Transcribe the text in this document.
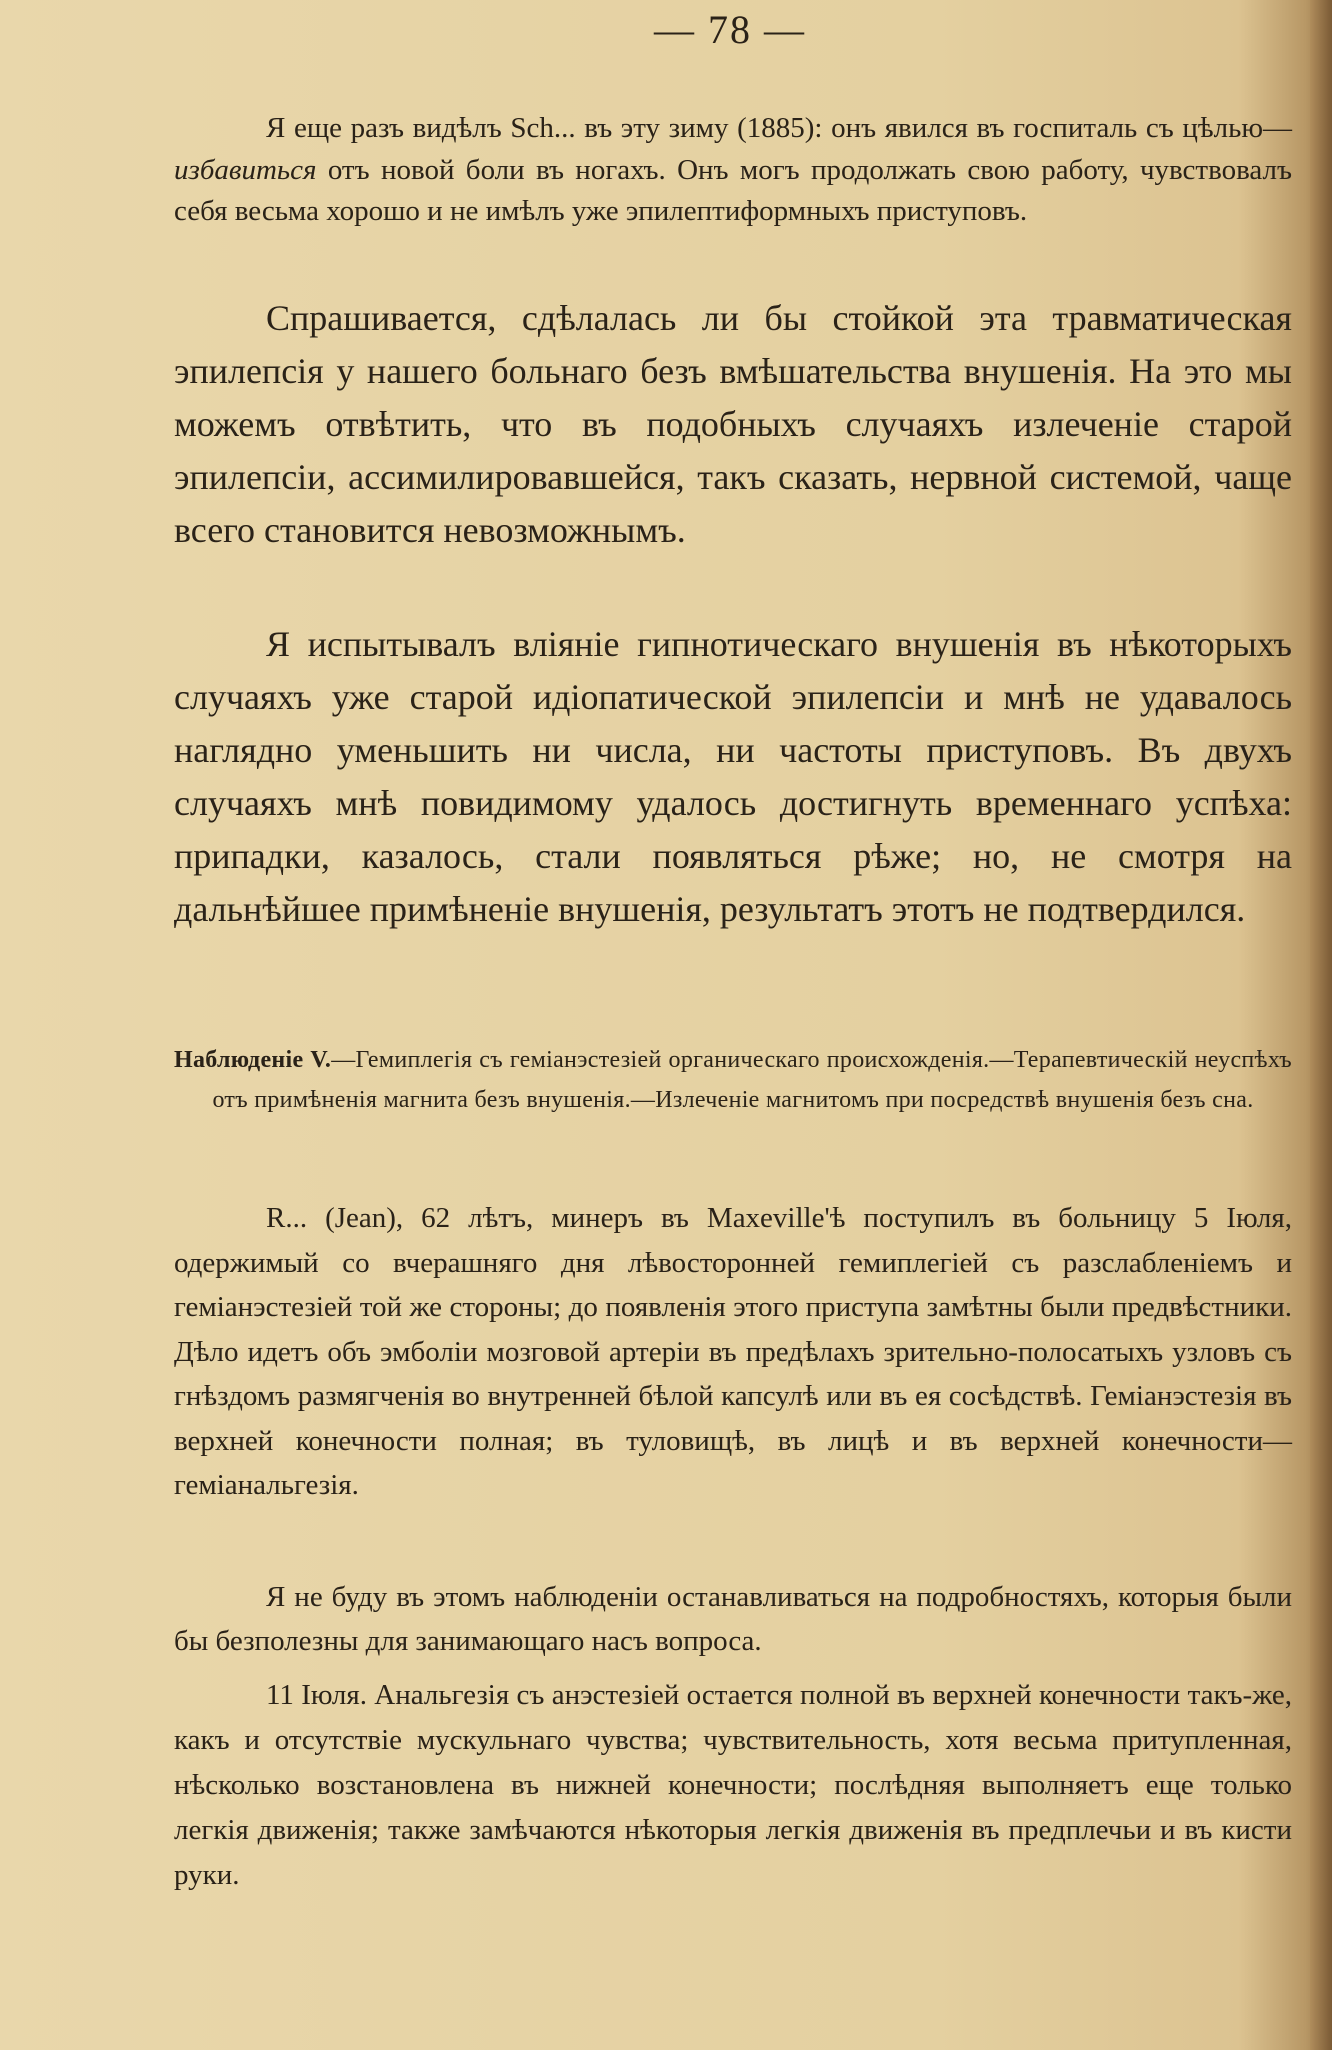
— 78 —

Я еще разъ видѣлъ Sch... въ эту зиму (1885): онъ явился въ госпиталь съ цѣлью—избавиться отъ новой боли въ ногахъ. Онъ могъ продолжать свою работу, чувствовалъ себя весьма хорошо и не имѣлъ уже эпилептиформныхъ приступовъ.

Спрашивается, сдѣлалась ли бы стойкой эта травматическая эпилепсія у нашего больнаго безъ вмѣшательства внушенія. На это мы можемъ отвѣтить, что въ подобныхъ случаяхъ излеченіе старой эпилепсіи, ассимилировавшейся, такъ сказать, нервной системой, чаще всего становится невозможнымъ.

Я испытывалъ вліяніе гипнотическаго внушенія въ нѣкоторыхъ случаяхъ уже старой идіопатической эпилепсіи и мнѣ не удавалось наглядно уменьшить ни числа, ни частоты приступовъ. Въ двухъ случаяхъ мнѣ повидимому удалось достигнуть временнаго успѣха: припадки, казалось, стали появляться рѣже; но, не смотря на дальнѣйшее примѣненіе внушенія, результатъ этотъ не подтвердился.

Наблюденіе V.—Гемиплегія съ геміанэстезіей органическаго происхожденія.—Терапевтическій неуспѣхъ отъ примѣненія магнита безъ внушенія.—Излеченіе магнитомъ при посредствѣ внушенія безъ сна.

R... (Jean), 62 лѣтъ, минеръ въ Maxeville'ѣ поступилъ въ больницу 5 Іюля, одержимый со вчерашняго дня лѣвосторонней гемиплегіей съ разслабленіемъ и геміанэстезіей той же стороны; до появленія этого приступа замѣтны были предвѣстники. Дѣло идетъ объ эмболіи мозговой артеріи въ предѣлахъ зрительно-полосатыхъ узловъ съ гнѣздомъ размягченія во внутренней бѣлой капсулѣ или въ ея сосѣдствѣ. Геміанэстезія въ верхней конечности полная; въ туловищѣ, въ лицѣ и въ верхней конечности—геміанальгезія.

Я не буду въ этомъ наблюденіи останавливаться на подробностяхъ, которыя были бы безполезны для занимающаго насъ вопроса.

11 Іюля. Анальгезія съ анэстезіей остается полной въ верхней конечности такъ-же, какъ и отсутствіе мускульнаго чувства; чувствительность, хотя весьма притупленная, нѣсколько возстановлена въ нижней конечности; послѣдняя выполняетъ еще только легкія движенія; также замѣчаются нѣкоторыя легкія движенія въ предплечьи и въ кисти руки.
